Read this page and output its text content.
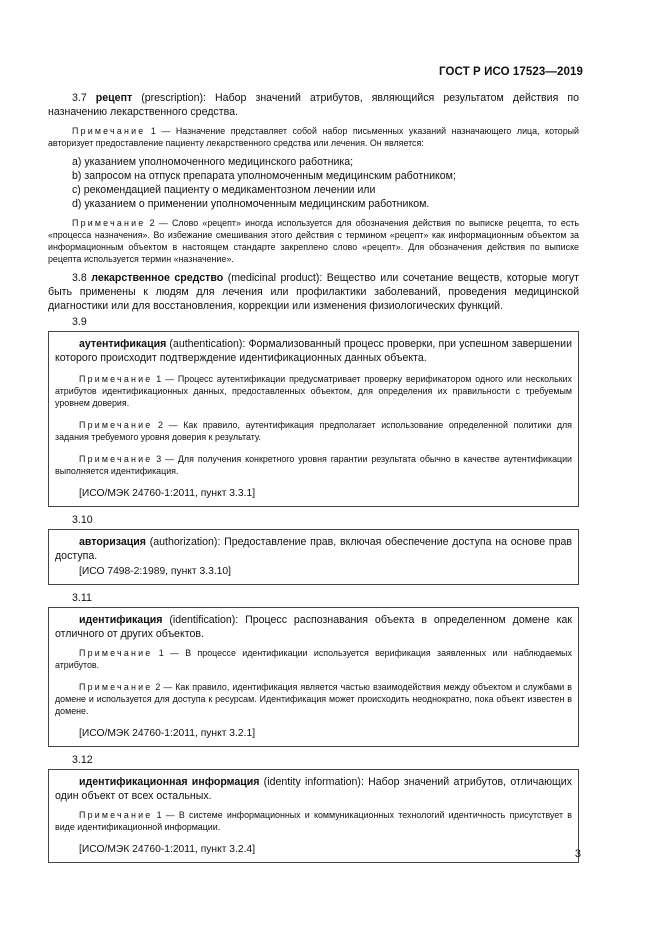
ГОСТ Р ИСО 17523—2019

3.7 рецепт (prescription): Набор значений атрибутов, являющийся результатом действия по назначению лекарственного средства.

Примечание 1 — Назначение представляет собой набор письменных указаний назначающего лица, который авторизует предоставление пациенту лекарственного средства или лечения. Он является:

a) указанием уполномоченного медицинского работника;
b) запросом на отпуск препарата уполномоченным медицинским работником;
c) рекомендацией пациенту о медикаментозном лечении или
d) указанием о применении уполномоченным медицинским работником.

Примечание 2 — Слово «рецепт» иногда используется для обозначения действия по выписке рецепта, то есть «процесса назначения». Во избежание смешивания этого действия с термином «рецепт» как информационным объектом за информационным объектом в настоящем стандарте закреплено слово «рецепт». Для обозначения действия по выписке рецепта используется термин «назначение».

3.8 лекарственное средство (medicinal product): Вещество или сочетание веществ, которые могут быть применены к людям для лечения или профилактики заболеваний, проведения медицинской диагностики или для восстановления, коррекции или изменения физиологических функций.

3.9

аутентификация (authentication): Формализованный процесс проверки, при успешном завершении которого происходит подтверждение идентификационных данных объекта.

Примечание 1 — Процесс аутентификации предусматривает проверку верификатором одного или нескольких атрибутов идентификационных данных, предоставленных объектом, для определения их правильности с требуемым уровнем доверия.

Примечание 2 — Как правило, аутентификация предполагает использование определенной политики для задания требуемого уровня доверия к результату.

Примечание 3 — Для получения конкретного уровня гарантии результата обычно в качестве аутентификации выполняется идентификация.

[ИСО/МЭК 24760-1:2011, пункт 3.3.1]

3.10

авторизация (authorization): Предоставление прав, включая обеспечение доступа на основе прав доступа.

[ИСО 7498-2:1989, пункт 3.3.10]

3.11

идентификация (identification): Процесс распознавания объекта в определенном домене как отличного от других объектов.

Примечание 1 — В процессе идентификации используется верификация заявленных или наблюдаемых атрибутов.

Примечание 2 — Как правило, идентификация является частью взаимодействия между объектом и службами в домене и используется для доступа к ресурсам. Идентификация может происходить неоднократно, пока объект известен в домене.

[ИСО/МЭК 24760-1:2011, пункт 3.2.1]

3.12

идентификационная информация (identity information): Набор значений атрибутов, отличающих один объект от всех остальных.

Примечание 1 — В системе информационных и коммуникационных технологий идентичность присутствует в виде идентификационной информации.

[ИСО/МЭК 24760-1:2011, пункт 3.2.4]	3
